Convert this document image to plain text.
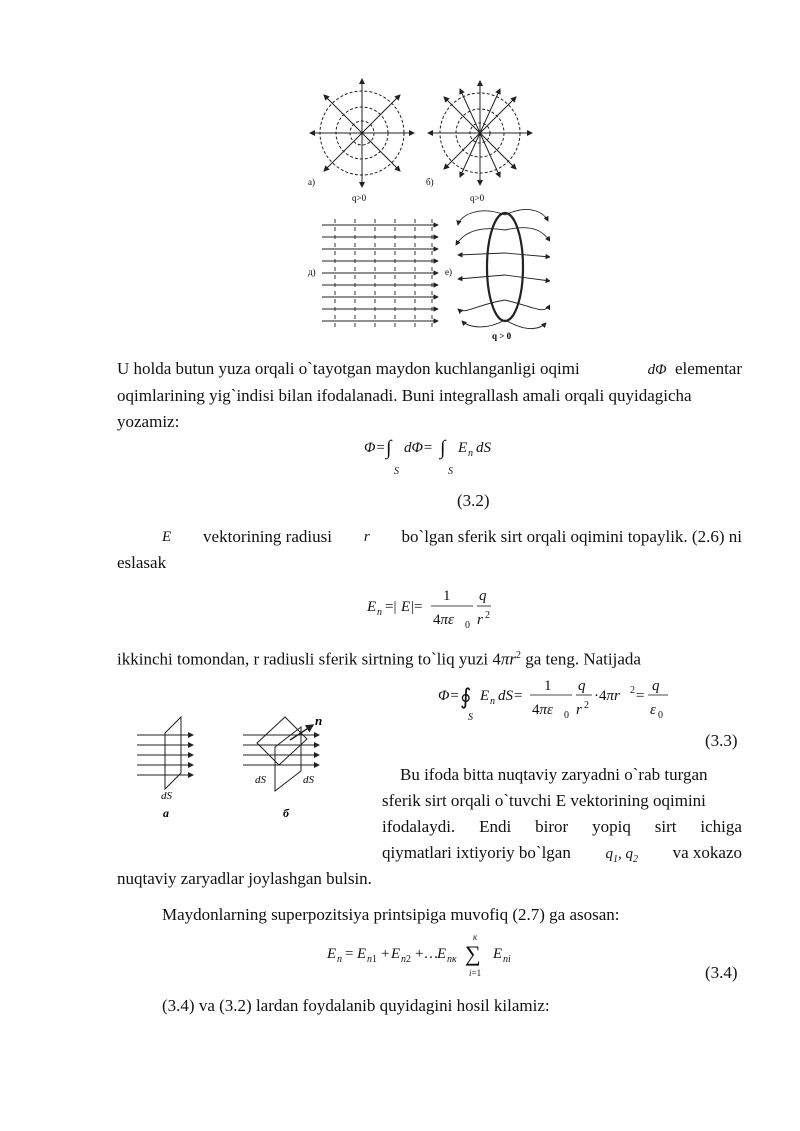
a)
q>0
б)
q>0
д)	е)
q > 0
U holda butun yuza orqali o`tayotgan maydon kuchlanganligi oqimi	dΦ elementar
oqimlarining yig`indisi bilan ifodalanadi. Buni integrallash amali orqali quyidagicha
yozamiz:
Φ= ∫
S
dΦ= ∫
S
E n dS
(3.2)
E vektorining radiusi r bo`lgan sferik sirt orqali oqimini topaylik. (2.6) ni
eslasak
E n =| E |=
1
4πε 0
q
r 2
ikkinchi tomondan, r radiusli sferik sirtning to`liq yuzi $4\pi r^2$ ga teng. Natijada
Φ= ∮
S
E n dS=
1
4πε 0
q
r 2
·4πr 2 =
q
ε 0
(3.3)
dS
a
n
dS	dS
б
Bu ifoda bitta nuqtaviy zaryadni o`rab turgan
sferik sirt orqali o`tuvchi E vektorining oqimini
ifodalaydi. Endi biror yopiq sirt ichiga
qiymatlari ixtiyoriy bo`lgan $q_1$, $q_2$ va xokazo
nuqtaviy zaryadlar joylashgan bulsin.
Maydonlarning superpozitsiya printsipiga muvofiq (2.7) ga asosan:
E n = E n1 + E n2 +…
E nк ∑
к
i=1
E ni
(3.4)
(3.4) va (3.2) lardan foydalanib quyidagini hosil kilamiz:
